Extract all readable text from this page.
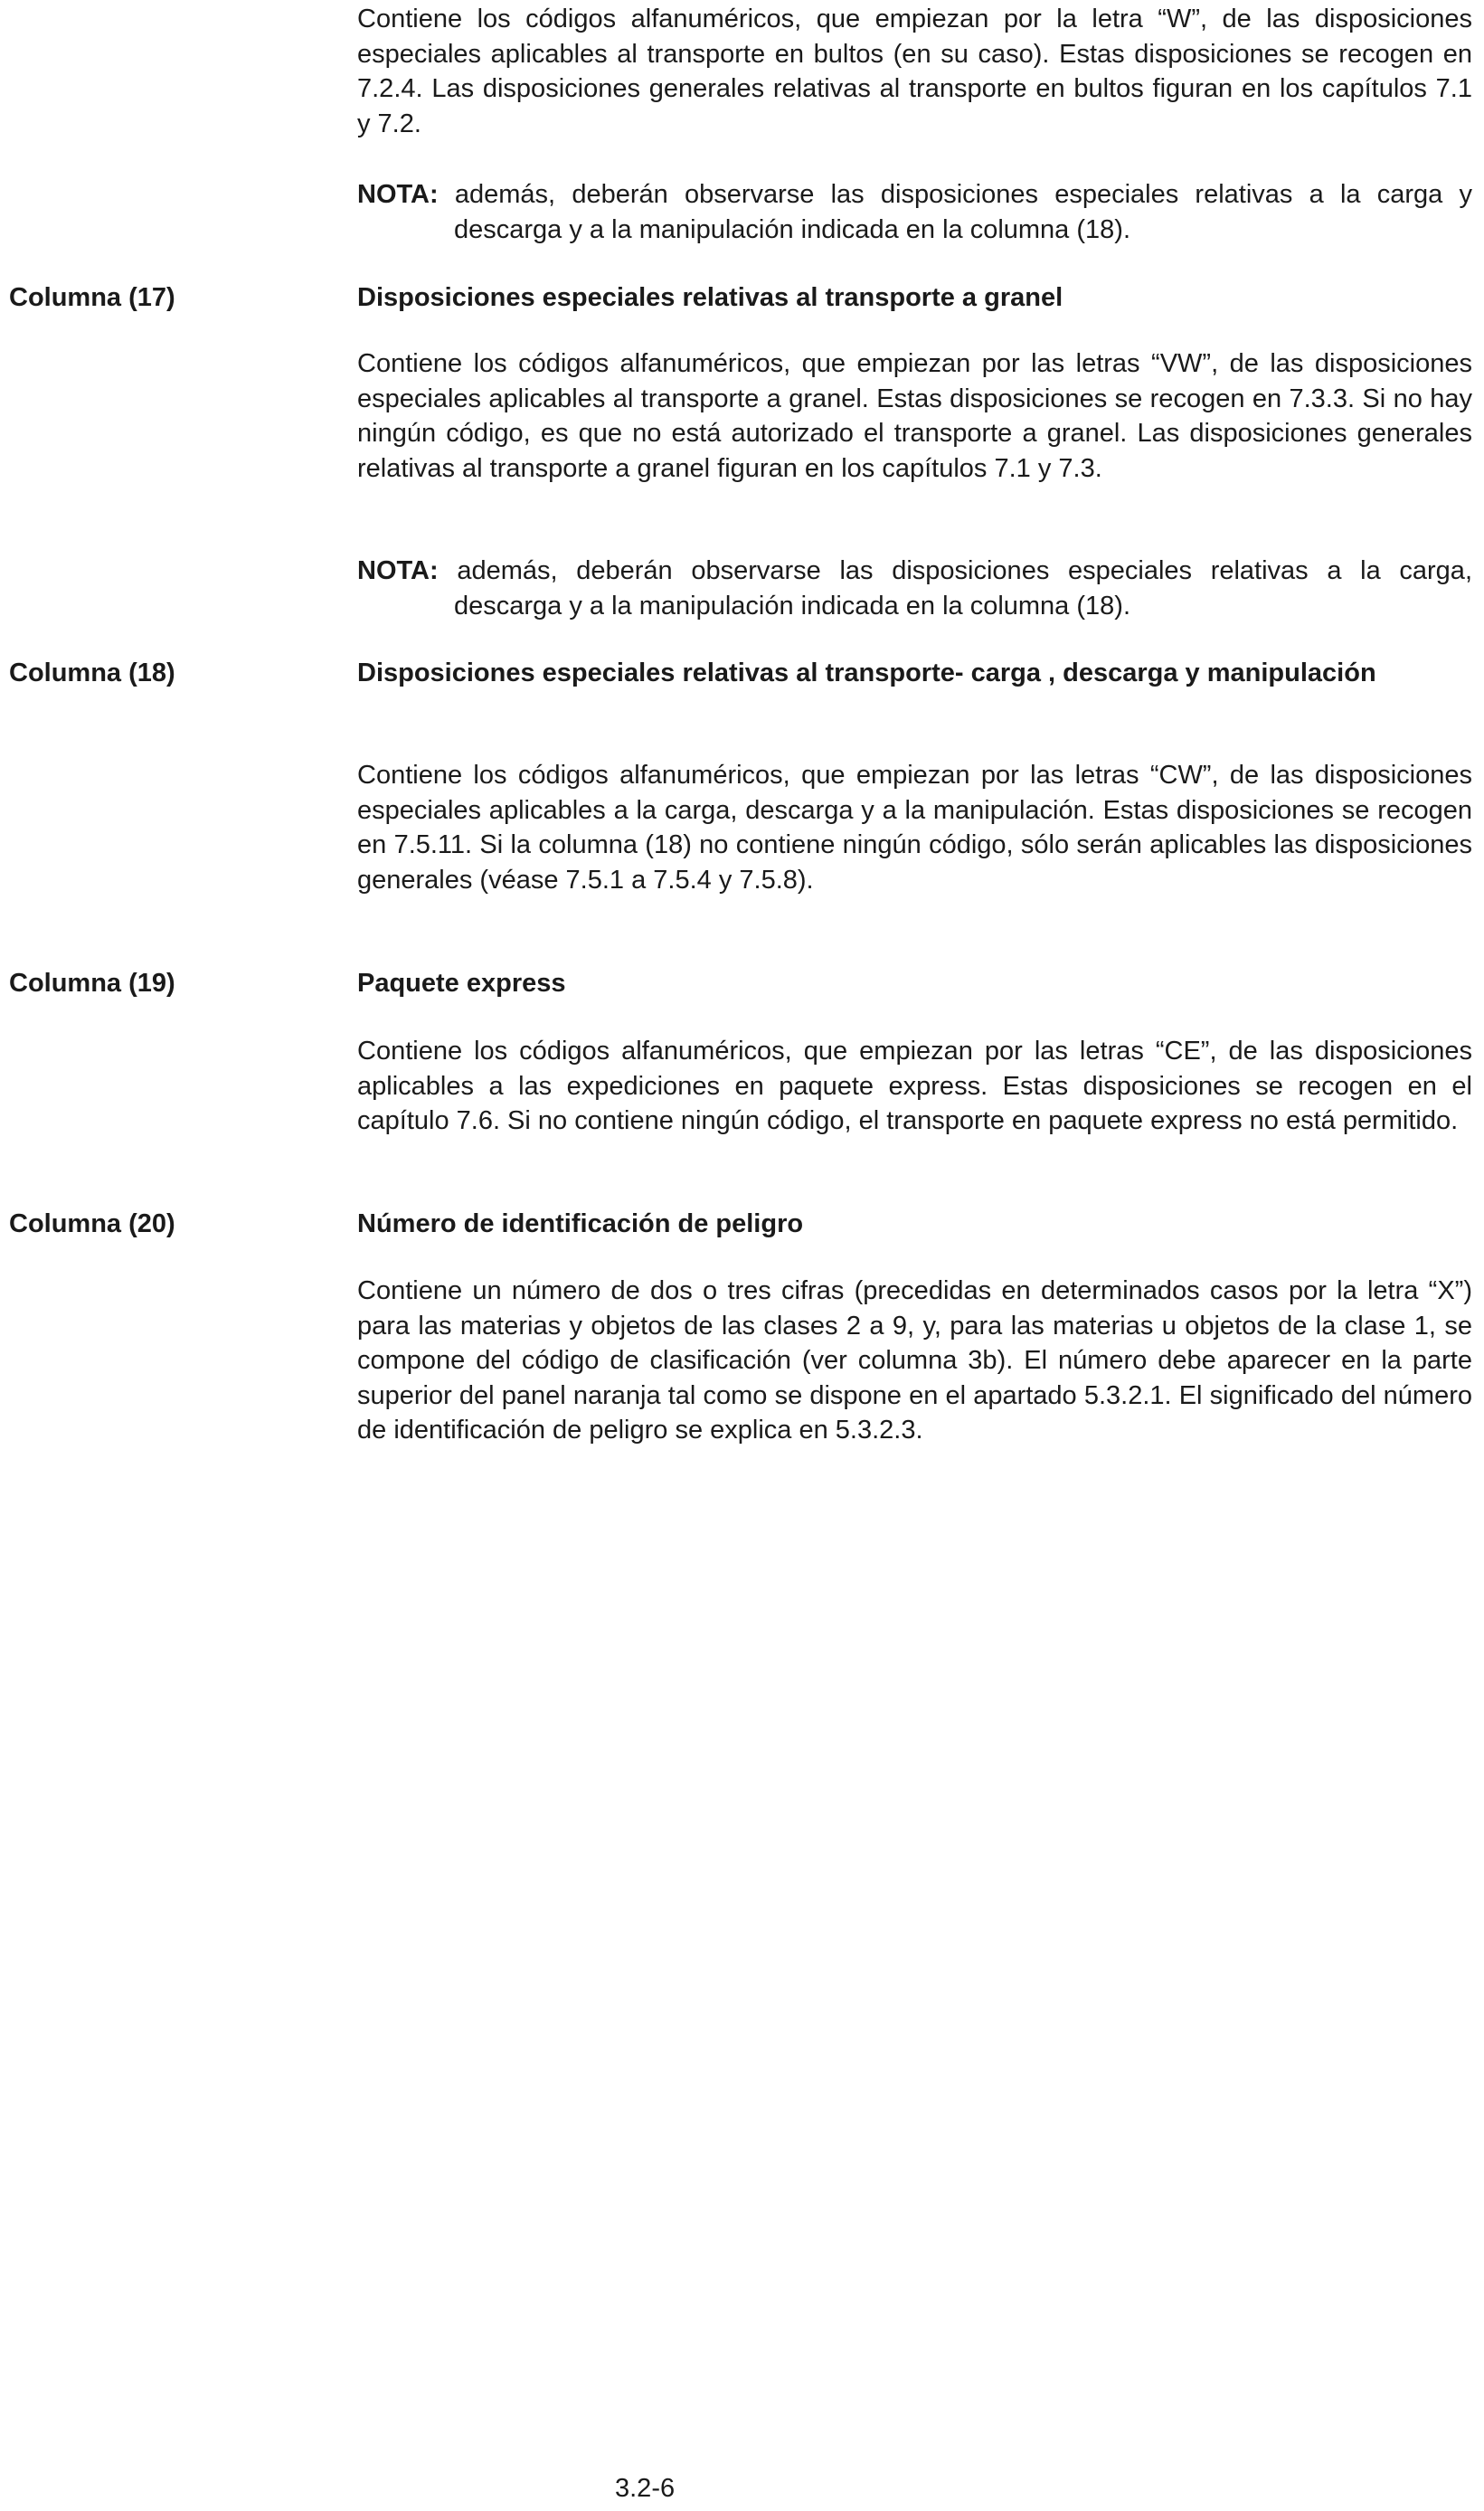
Contiene los códigos alfanuméricos, que empiezan por la letra “W”, de las disposiciones especiales aplicables al transporte en bultos (en su caso). Estas disposiciones se recogen en 7.2.4. Las disposiciones generales relativas al transporte en bultos figuran en los capítulos 7.1 y 7.2.

NOTA: además, deberán observarse las disposiciones especiales relativas a la carga y descarga y a la manipulación indicada en la columna (18).

Columna (17)	Disposiciones especiales relativas al transporte a granel

Contiene los códigos alfanuméricos, que empiezan por las letras “VW”, de las disposiciones especiales aplicables al transporte a granel. Estas disposiciones se recogen en 7.3.3. Si no hay ningún código, es que no está autorizado el transporte a granel. Las disposiciones generales relativas al transporte a granel figuran en los capítulos 7.1 y 7.3.

NOTA: además, deberán observarse las disposiciones especiales relativas a la carga, descarga y a la manipulación indicada en la columna (18).

Columna (18)	Disposiciones especiales relativas al transporte- carga , descarga y manipulación

Contiene los códigos alfanuméricos, que empiezan por las letras “CW”, de las disposiciones especiales aplicables a la carga, descarga y a la manipulación. Estas disposiciones se recogen en 7.5.11. Si la columna (18) no contiene ningún código, sólo serán aplicables las disposiciones generales (véase 7.5.1 a 7.5.4 y 7.5.8).

Columna (19)	Paquete express

Contiene los códigos alfanuméricos, que empiezan por las letras “CE”, de las disposiciones aplicables a las expediciones en paquete express. Estas disposiciones se recogen en el capítulo 7.6. Si no contiene ningún código, el transporte en paquete express no está permitido.

Columna (20)	Número de identificación de peligro

Contiene un número de dos o tres cifras (precedidas en determinados casos por la letra “X”) para las materias y objetos de las clases 2 a 9, y, para las materias u objetos de la clase 1, se compone del código de clasificación (ver columna 3b). El número debe aparecer en la parte superior del panel naranja tal como se dispone en el apartado 5.3.2.1. El significado del número de identificación de peligro se explica en 5.3.2.3.

3.2-6
